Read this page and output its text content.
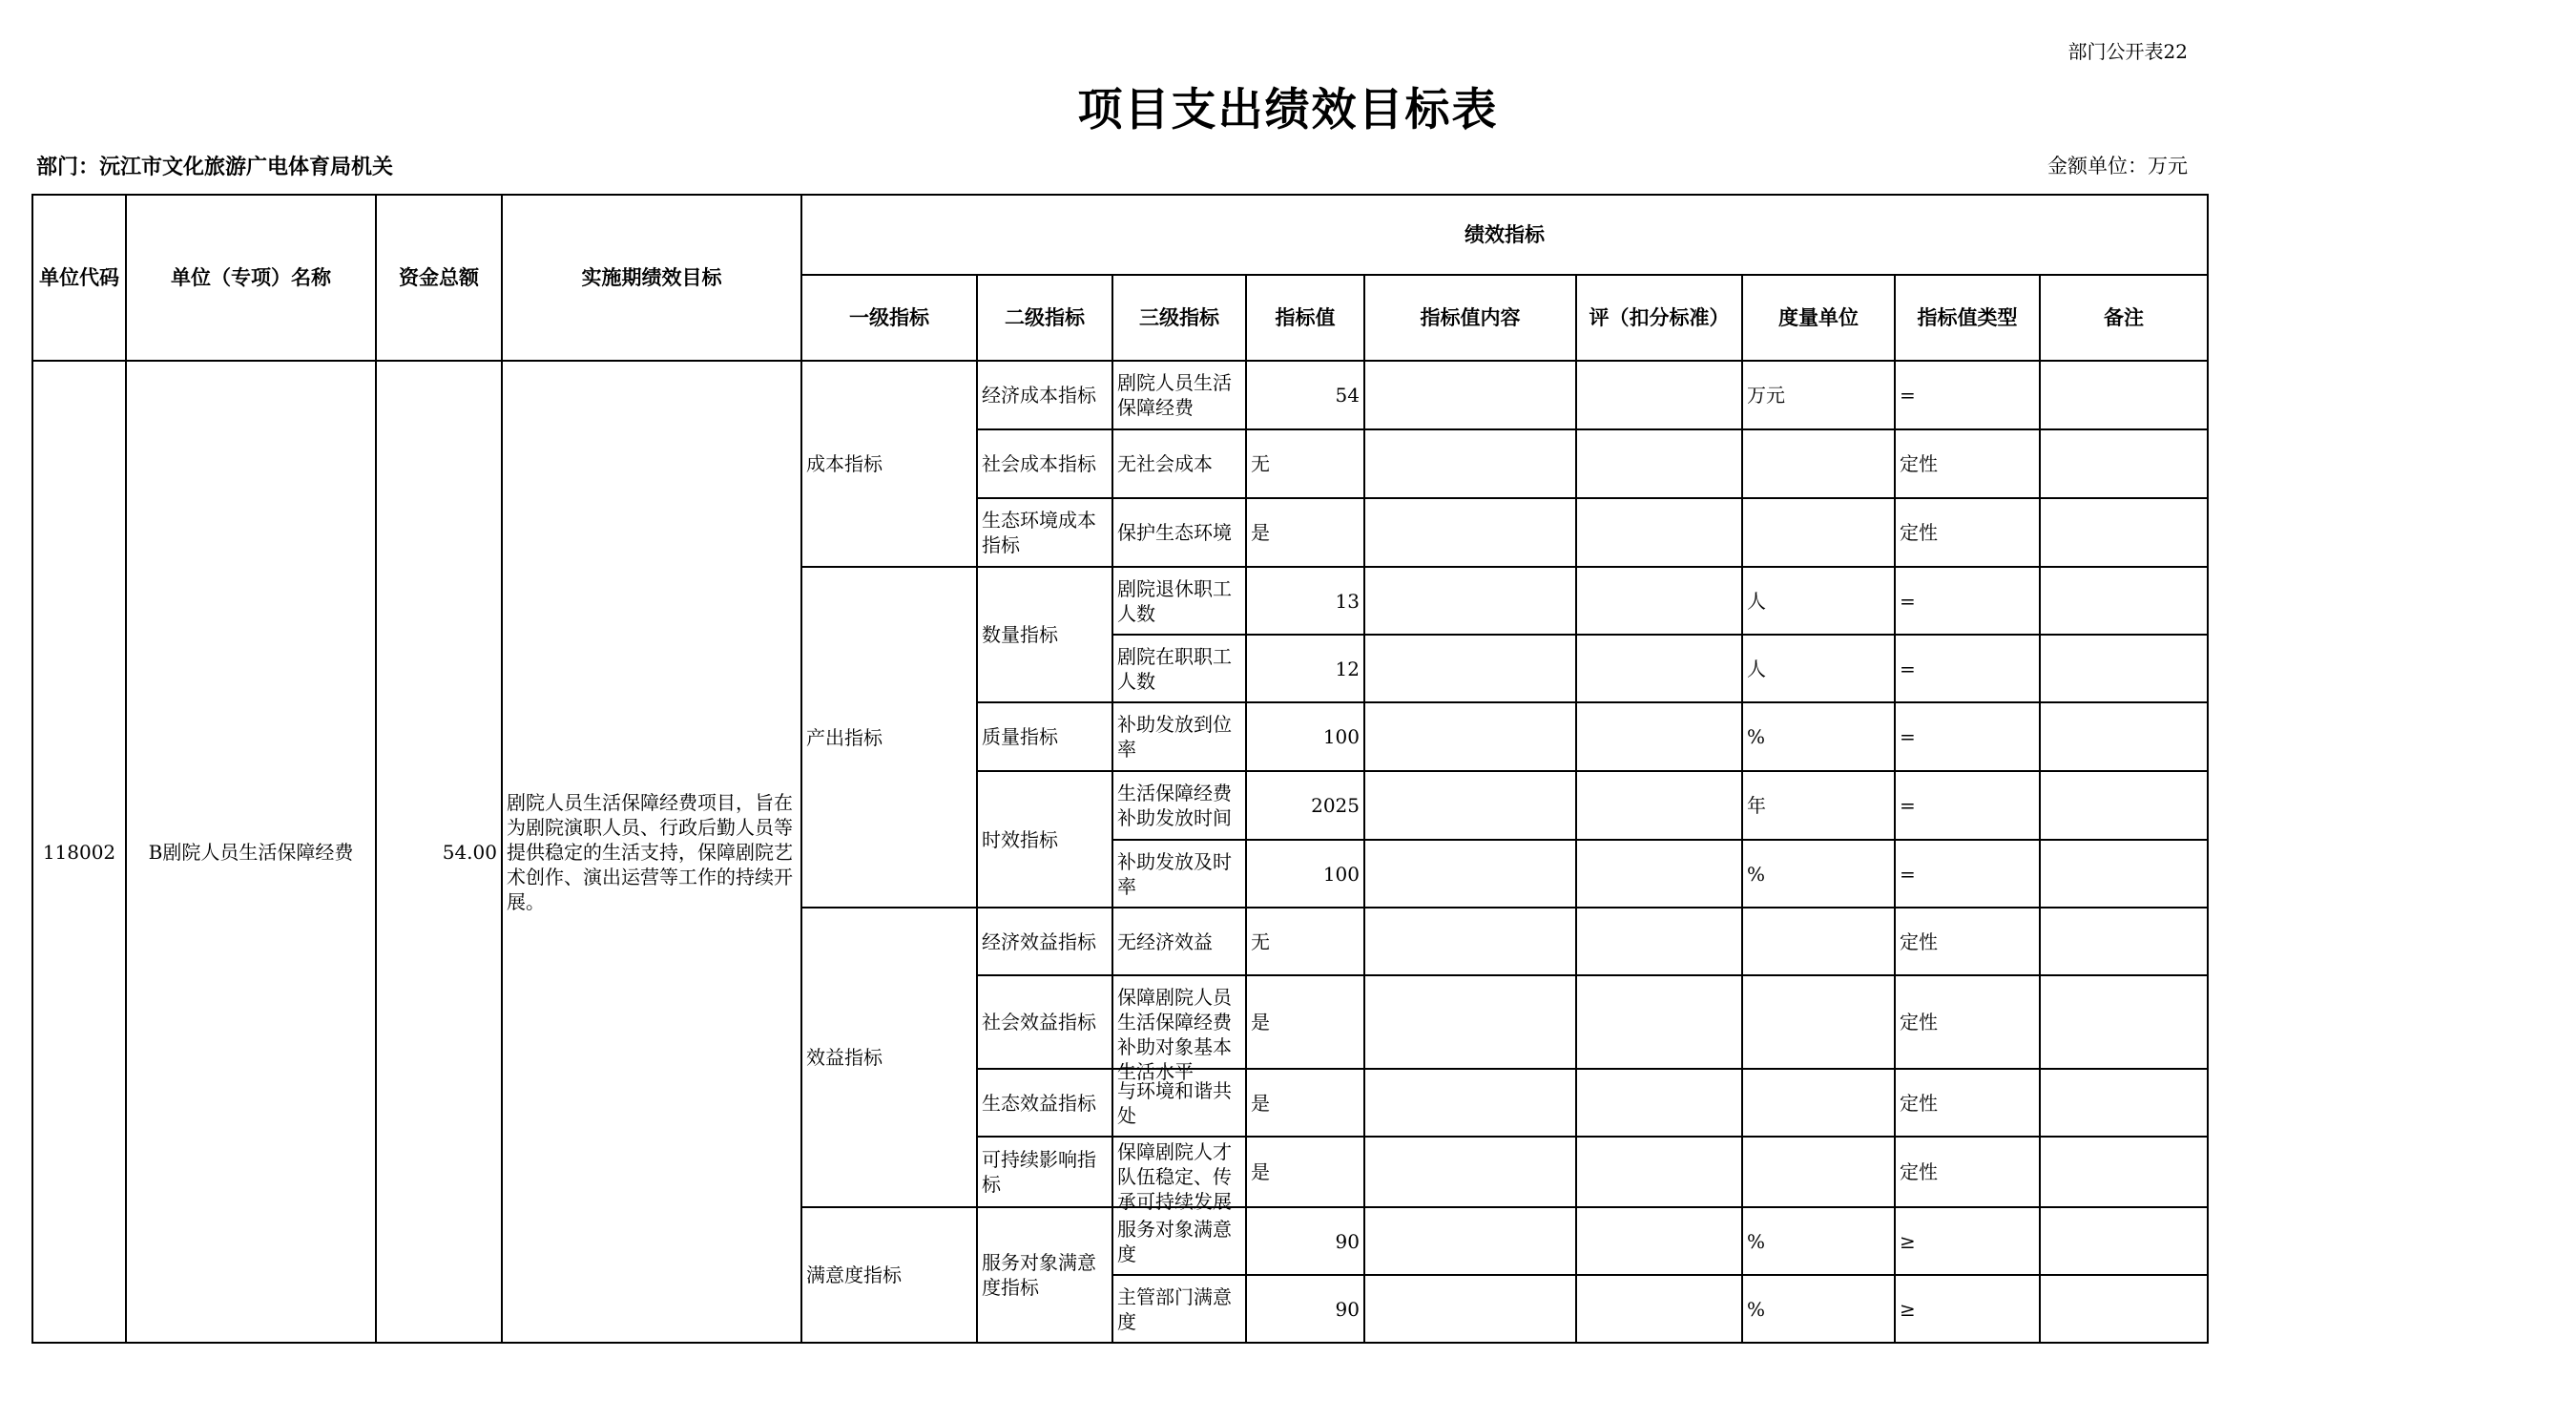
部门公开表22
项目支出绩效目标表
部门：沅江市文化旅游广电体育局机关	金额单位：万元
单位代码	单位（专项）名称	资金总额	实施期绩效目标	绩效指标								
				一级指标	二级指标	三级指标	指标值	指标值内容	评（扣分标准）	度量单位	指标值类型	备注
118002	B剧院人员生活保障经费	54.00	剧院人员生活保障经费项目，旨在为剧院演职人员、行政后勤人员等提供稳定的生活支持，保障剧院艺术创作、演出运营等工作的持续开展。	成本指标	经济成本指标	剧院人员生活保障经费	54			万元	=	
					社会成本指标	无社会成本	无				定性	
					生态环境成本指标	保护生态环境	是				定性	
				产出指标	数量指标	剧院退休职工人数	13			人	=	
						剧院在职职工人数	12			人	=	
					质量指标	补助发放到位率	100			%	=	
					时效指标	生活保障经费补助发放时间	2025			年	=	
						补助发放及时率	100			%	=	
				效益指标	经济效益指标	无经济效益	无				定性	
					社会效益指标	保障剧院人员生活保障经费补助对象基本生活水平	是				定性	
					生态效益指标	与环境和谐共处	是				定性	
					可持续影响指标	保障剧院人才队伍稳定、传承可持续发展	是				定性	
				满意度指标	服务对象满意度指标	服务对象满意度	90			%	≥	
						主管部门满意度	90			%	≥	
